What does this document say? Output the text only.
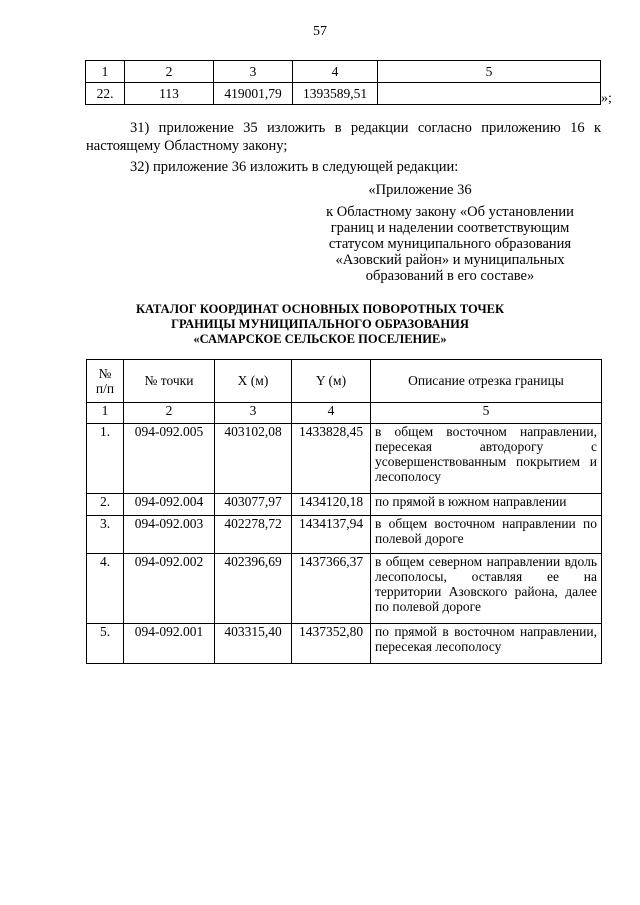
57
1	2	3	4	5
22.	113	419001,79	1393589,51		»;
31) приложение 35 изложить в редакции согласно приложению 16 к настоящему Областному закону;
32) приложение 36 изложить в следующей редакции:
«Приложение 36
к Областному закону «Об установлении
границ и наделении соответствующим
статусом муниципального образования
«Азовский район» и муниципальных
образований в его составе»
КАТАЛОГ КООРДИНАТ ОСНОВНЫХ ПОВОРОТНЫХ ТОЧЕК
ГРАНИЦЫ МУНИЦИПАЛЬНОГО ОБРАЗОВАНИЯ
«САМАРСКОЕ СЕЛЬСКОЕ ПОСЕЛЕНИЕ»
№
п/п	№ точки	X (м)	Y (м)	Описание отрезка границы
1	2	3	4	5
1.	094-092.005	403102,08	1433828,45	в общем восточном направлении, пересекая автодорогу с усовершенствованным покрытием и лесополосу
2.	094-092.004	403077,97	1434120,18	по прямой в южном направлении
3.	094-092.003	402278,72	1434137,94	в общем восточном направлении по полевой дороге
4.	094-092.002	402396,69	1437366,37	в общем северном направлении вдоль лесополосы, оставляя ее на территории Азовского района, далее по полевой дороге
5.	094-092.001	403315,40	1437352,80	по прямой в восточном направлении, пересекая лесополосу
